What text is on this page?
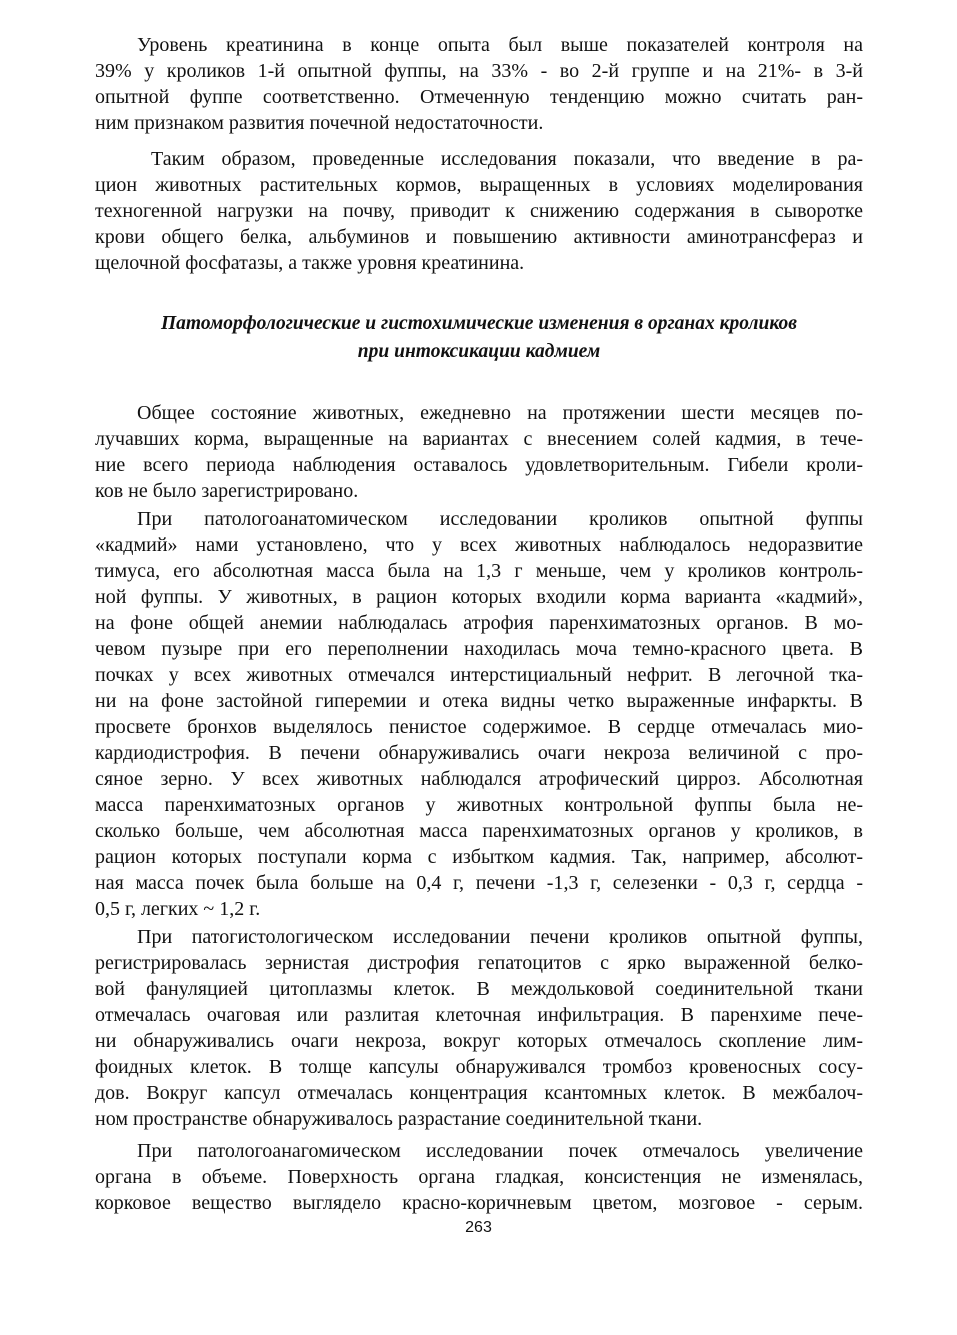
Уровень креатинина в конце опыта был выше показателей контроля на
39% у кроликов 1-й опытной фуппы, на 33% - во 2-й группе и на 21%- в 3-й
опытной фуппе соответственно. Отмеченную тенденцию можно считать ран-
ним признаком развития почечной недостаточности.

Таким образом, проведенные исследования показали, что введение в ра-
цион животных растительных кормов, выращенных в условиях моделирования
техногенной нагрузки на почву, приводит к снижению содержания в сыворотке
крови общего белка, альбуминов и повышению активности аминотрансфераз и
щелочной фосфатазы, а также уровня креатинина.

Патоморфологические и гистохимические изменения в органах кроликов

при интоксикации кадмием

Общее состояние животных, ежедневно на протяжении шести месяцев по-
лучавших корма, выращенные на вариантах с внесением солей кадмия, в тече-
ние всего периода наблюдения оставалось удовлетворительным. Гибели кроли-
ков не было зарегистрировано.

При патологоанатомическом исследовании кроликов опытной фуппы
«кадмий» нами установлено, что у всех животных наблюдалось недоразвитие
тимуса, его абсолютная масса была на 1,3 г меньше, чем у кроликов контроль-
ной фуппы. У животных, в рацион которых входили корма варианта «кадмий»,
на фоне общей анемии наблюдалась атрофия паренхиматозных органов. В мо-
чевом пузыре при его переполнении находилась моча темно-красного цвета. В
почках у всех животных отмечался интерстициальный нефрит. В легочной тка-
ни на фоне застойной гиперемии и отека видны четко выраженные инфаркты. В
просвете бронхов выделялось пенистое содержимое. В сердце отмечалась мио-
кардиодистрофия. В печени обнаруживались очаги некроза величиной с про-
сяное зерно. У всех животных наблюдался атрофический цирроз. Абсолютная
масса паренхиматозных органов у животных контрольной фуппы была не-
сколько больше, чем абсолютная масса паренхиматозных органов у кроликов, в
рацион которых поступали корма с избытком кадмия. Так, например, абсолют-
ная масса почек была больше на 0,4 г, печени -1,3 г, селезенки - 0,3 г, сердца -
0,5 г, легких ~ 1,2 г.

При патогистологическом исследовании печени кроликов опытной фуппы,
регистрировалась зернистая дистрофия гепатоцитов с ярко выраженной белко-
вой фануляцией цитоплазмы клеток. В междольковой соединительной ткани
отмечалась очаговая или разлитая клеточная инфильтрация. В паренхиме пече-
ни обнаруживались очаги некроза, вокруг которых отмечалось скопление лим-
фоидных клеток. В толще капсулы обнаруживался тромбоз кровеносных сосу-
дов. Вокруг капсул отмечалась концентрация ксантомных клеток. В межбалоч-
ном пространстве обнаруживалось разрастание соединительной ткани.

При патологоанагомическом исследовании почек отмечалось увеличение
органа в объеме. Поверхность органа гладкая, консистенция не изменялась,
корковое вещество выглядело красно-коричневым цветом, мозговое - серым.

263
